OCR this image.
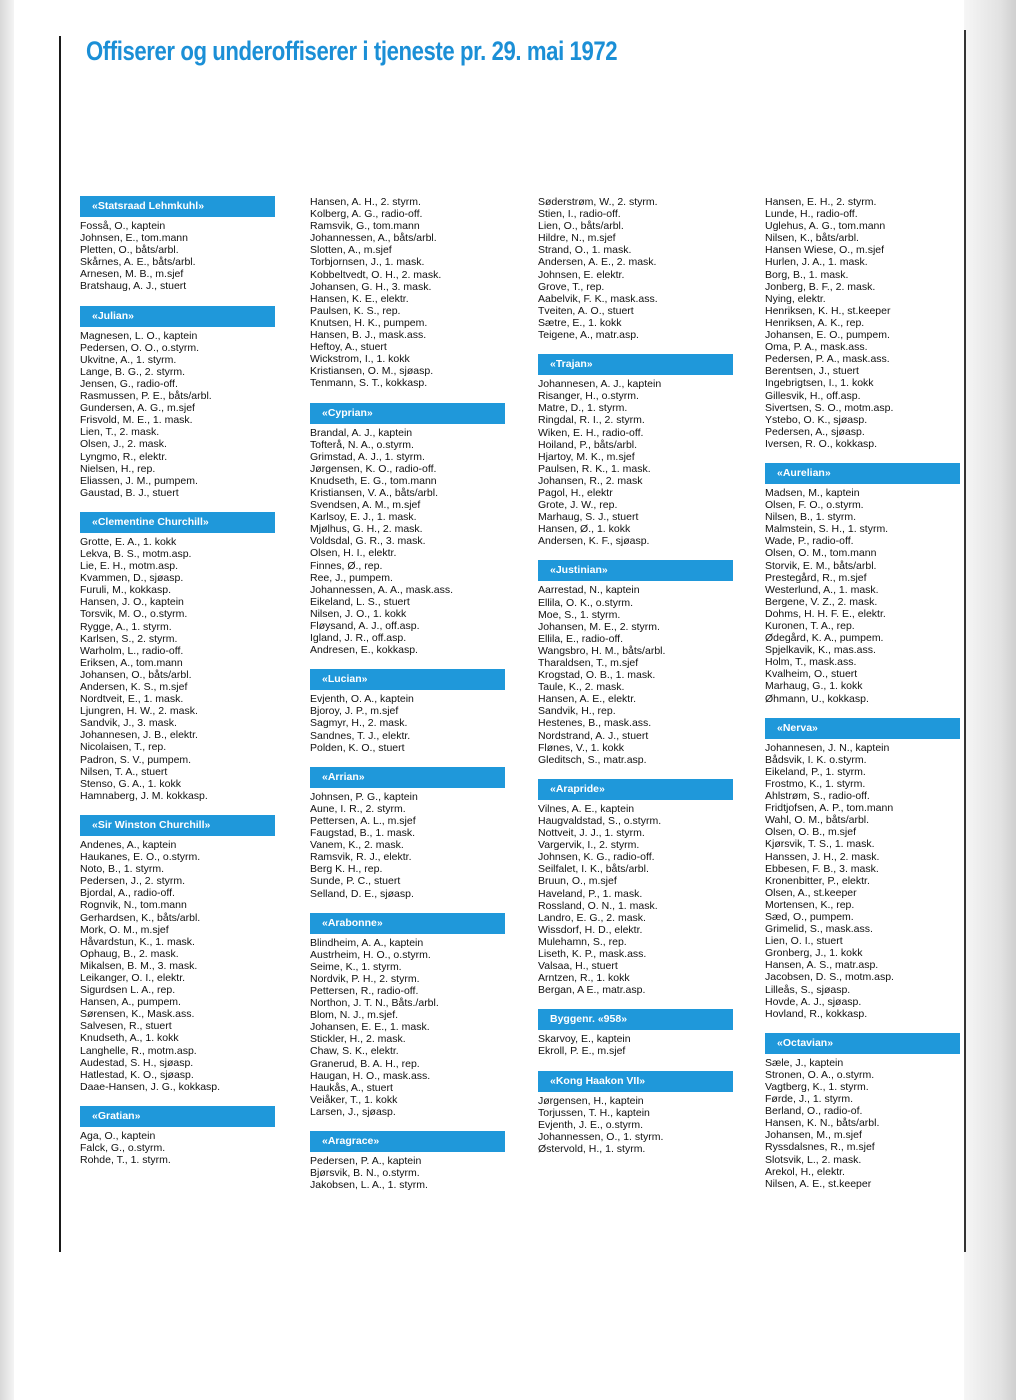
Offiserer og underoffiserer i tjeneste pr. 29. mai 1972
«Statsraad Lehmkuhl»
Fosså, O., kaptein
Johnsen, E., tom.mann
Pletten, O., båts/arbl.
Skårnes, A. E., båts/arbl.
Arnesen, M. B., m.sjef
Bratshaug, A. J., stuert
«Julian»
Magnesen, L. O., kaptein
Pedersen, O. O., o.styrm.
Ukvitne, A., 1. styrm.
Lange, B. G., 2. styrm.
Jensen, G., radio-off.
Rasmussen, P. E., båts/arbl.
Gundersen, A. G., m.sjef
Frisvold, M. E., 1. mask.
Lien, T., 2. mask.
Olsen, J., 2. mask.
Lyngmo, R., elektr.
Nielsen, H., rep.
Eliassen, J. M., pumpem.
Gaustad, B. J., stuert
«Clementine Churchill»
Grotte, E. A., 1. kokk
Lekva, B. S., motm.asp.
Lie, E. H., motm.asp.
Kvammen, D., sjøasp.
Furuli, M., kokkasp.
Hansen, J. O., kaptein
Torsvik, M. O., o.styrm.
Rygge, A., 1. styrm.
Karlsen, S., 2. styrm.
Warholm, L., radio-off.
Eriksen, A., tom.mann
Johansen, O., båts/arbl.
Andersen, K. S., m.sjef
Nordtveit, E., 1. mask.
Ljungren, H. W., 2. mask.
Sandvik, J., 3. mask.
Johannesen, J. B., elektr.
Nicolaisen, T., rep.
Padron, S. V., pumpem.
Nilsen, T. A., stuert
Stenso, G. A., 1. kokk
Hamnaberg, J. M. kokkasp.
«Sir Winston Churchill»
Andenes, A., kaptein
Haukanes, E. O., o.styrm.
Noto, B., 1. styrm.
Pedersen, J., 2. styrm.
Bjordal, A., radio-off.
Rognvik, N., tom.mann
Gerhardsen, K., båts/arbl.
Mork, O. M., m.sjef
Håvardstun, K., 1. mask.
Ophaug, B., 2. mask.
Mikalsen, B. M., 3. mask.
Leikanger, O. I., elektr.
Sigurdsen L. A., rep.
Hansen, A., pumpem.
Sørensen, K., Mask.ass.
Salvesen, R., stuert
Knudseth, A., 1. kokk
Langhelle, R., motm.asp.
Audestad, S. H., sjøasp.
Hatlestad, K. O., sjøasp.
Daae-Hansen, J. G., kokkasp.
«Gratian»
Aga, O., kaptein
Falck, G., o.styrm.
Rohde, T., 1. styrm.
Hansen, A. H., 2. styrm.
Kolberg, A. G., radio-off.
Ramsvik, G., tom.mann
Johannessen, A., båts/arbl.
Slotten, A., m.sjef
Torbjornsen, J., 1. mask.
Kobbeltvedt, O. H., 2. mask.
Johansen, G. H., 3. mask.
Hansen, K. E., elektr.
Paulsen, K. S., rep.
Knutsen, H. K., pumpem.
Hansen, B. J., mask.ass.
Heftoy, A., stuert
Wickstrom, I., 1. kokk
Kristiansen, O. M., sjøasp.
Tenmann, S. T., kokkasp.
«Cyprian»
Brandal, A. J., kaptein
Tofterå, N. A., o.styrm.
Grimstad, A. J., 1. styrm.
Jørgensen, K. O., radio-off.
Knudseth, E. G., tom.mann
Kristiansen, V. A., båts/arbl.
Svendsen, A. M., m.sjef
Karlsoy, E. J., 1. mask.
Mjølhus, G. H., 2. mask.
Voldsdal, G. R., 3. mask.
Olsen, H. I., elektr.
Finnes, Ø., rep.
Ree, J., pumpem.
Johannessen, A. A., mask.ass.
Eikeland, L. S., stuert
Nilsen, J. O., 1. kokk
Fløysand, A. J., off.asp.
Igland, J. R., off.asp.
Andresen, E., kokkasp.
«Lucian»
Evjenth, O. A., kaptein
Bjoroy, J. P., m.sjef
Sagmyr, H., 2. mask.
Sandnes, T. J., elektr.
Polden, K. O., stuert
«Arrian»
Johnsen, P. G., kaptein
Aune, I. R., 2. styrm.
Pettersen, A. L., m.sjef
Faugstad, B., 1. mask.
Vanem, K., 2. mask.
Ramsvik, R. J., elektr.
Berg K. H., rep.
Sunde, P. C., stuert
Selland, D. E., sjøasp.
«Arabonne»
Blindheim, A. A., kaptein
Austrheim, H. O., o.styrm.
Seime, K., 1. styrm.
Nordvik, P. H., 2. styrm.
Pettersen, R., radio-off.
Northon, J. T. N., Båts./arbl.
Blom, N. J., m.sjef.
Johansen, E. E., 1. mask.
Stickler, H., 2. mask.
Chaw, S. K., elektr.
Granerud, B. A. H., rep.
Haugan, H. O., mask.ass.
Haukås, A., stuert
Veiåker, T., 1. kokk
Larsen, J., sjøasp.
«Aragrace»
Pedersen, P. A., kaptein
Bjørsvik, B. N., o.styrm.
Jakobsen, L. A., 1. styrm.
Søderstrøm, W., 2. styrm.
Stien, I., radio-off.
Lien, O., båts/arbl.
Hildre, N., m.sjef
Strand, O., 1. mask.
Andersen, A. E., 2. mask.
Johnsen, E. elektr.
Grove, T., rep.
Aabelvik, F. K., mask.ass.
Tveiten, A. O., stuert
Sætre, E., 1. kokk
Teigene, A., matr.asp.
«Trajan»
Johannesen, A. J., kaptein
Risanger, H., o.styrm.
Matre, D., 1. styrm.
Ringdal, R. I., 2. styrm.
Wiken, E. H., radio-off.
Hoiland, P., båts/arbl.
Hjartoy, M. K., m.sjef
Paulsen, R. K., 1. mask.
Johansen, R., 2. mask
Pagol, H., elektr
Grote, J. W., rep.
Marhaug, S. J., stuert
Hansen, Ø., 1. kokk
Andersen, K. F., sjøasp.
«Justinian»
Aarrestad, N., kaptein
Ellila, O. K., o.styrm.
Moe, S., 1. styrm.
Johansen, M. E., 2. styrm.
Ellila, E., radio-off.
Wangsbro, H. M., båts/arbl.
Tharaldsen, T., m.sjef
Krogstad, O. B., 1. mask.
Taule, K., 2. mask.
Hansen, A. E., elektr.
Sandvik, H., rep.
Hestenes, B., mask.ass.
Nordstrand, A. J., stuert
Flønes, V., 1. kokk
Gleditsch, S., matr.asp.
«Arapride»
Vilnes, A. E., kaptein
Haugvaldstad, S., o.styrm.
Nottveit, J. J., 1. styrm.
Vargervik, I., 2. styrm.
Johnsen, K. G., radio-off.
Seilfalet, I. K., båts/arbl.
Bruun, O., m.sjef
Haveland, P., 1. mask.
Rossland, O. N., 1. mask.
Landro, E. G., 2. mask.
Wissdorf, H. D., elektr.
Mulehamn, S., rep.
Liseth, K. P., mask.ass.
Valsaa, H., stuert
Arntzen, R., 1. kokk
Bergan, A E., matr.asp.
Byggenr. «958»
Skarvoy, E., kaptein
Ekroll, P. E., m.sjef
«Kong Haakon VII»
Jørgensen, H., kaptein
Torjussen, T. H., kaptein
Evjenth, J. E., o.styrm.
Johannessen, O., 1. styrm.
Østervold, H., 1. styrm.
Hansen, E. H., 2. styrm.
Lunde, H., radio-off.
Uglehus, A. G., tom.mann
Nilsen, K., båts/arbl.
Hansen Wiese, O., m.sjef
Hurlen, J. A., 1. mask.
Borg, B., 1. mask.
Jonberg, B. F., 2. mask.
Nying, elektr.
Henriksen, K. H., st.keeper
Henriksen, A. K., rep.
Johansen, E. O., pumpem.
Oma, P. A., mask.ass.
Pedersen, P. A., mask.ass.
Berentsen, J., stuert
Ingebrigtsen, I., 1. kokk
Gillesvik, H., off.asp.
Sivertsen, S. O., motm.asp.
Ystebo, O. K., sjøasp.
Pedersen, A., sjøasp.
Iversen, R. O., kokkasp.
«Aurelian»
Madsen, M., kaptein
Olsen, F. O., o.styrm.
Nilsen, B., 1. styrm.
Malmstein, S. H., 1. styrm.
Wade, P., radio-off.
Olsen, O. M., tom.mann
Storvik, E. M., båts/arbl.
Prestegård, R., m.sjef
Westerlund, A., 1. mask.
Bergene, V. Z., 2. mask.
Dohms, H. H. F. E., elektr.
Kuronen, T. A., rep.
Ødegård, K. A., pumpem.
Spjelkavik, K., mas.ass.
Holm, T., mask.ass.
Kvalheim, O., stuert
Marhaug, G., 1. kokk
Øhmann, U., kokkasp.
«Nerva»
Johannesen, J. N., kaptein
Bådsvik, I. K. o.styrm.
Eikeland, P., 1. styrm.
Frostmo, K., 1. styrm.
Ahlstrøm, S., radio-off.
Fridtjofsen, A. P., tom.mann
Wahl, O. M., båts/arbl.
Olsen, O. B., m.sjef
Kjørsvik, T. S., 1. mask.
Hanssen, J. H., 2. mask.
Ebbesen, F. B., 3. mask.
Kronenbitter, P., elektr.
Olsen, A., st.keeper
Mortensen, K., rep.
Sæd, O., pumpem.
Grimelid, S., mask.ass.
Lien, O. I., stuert
Gronberg, J., 1. kokk
Hansen, A. S., matr.asp.
Jacobsen, D. S., motm.asp.
Lilleås, S., sjøasp.
Hovde, A. J., sjøasp.
Hovland, R., kokkasp.
«Octavian»
Sæle, J., kaptein
Stronen, O. A., o.styrm.
Vagtberg, K., 1. styrm.
Førde, J., 1. styrm.
Berland, O., radio-of.
Hansen, K. N., båts/arbl.
Johansen, M., m.sjef
Ryssdalsnes, R., m.sjef
Slotsvik, L., 2. mask.
Arekol, H., elektr.
Nilsen, A. E., st.keeper
